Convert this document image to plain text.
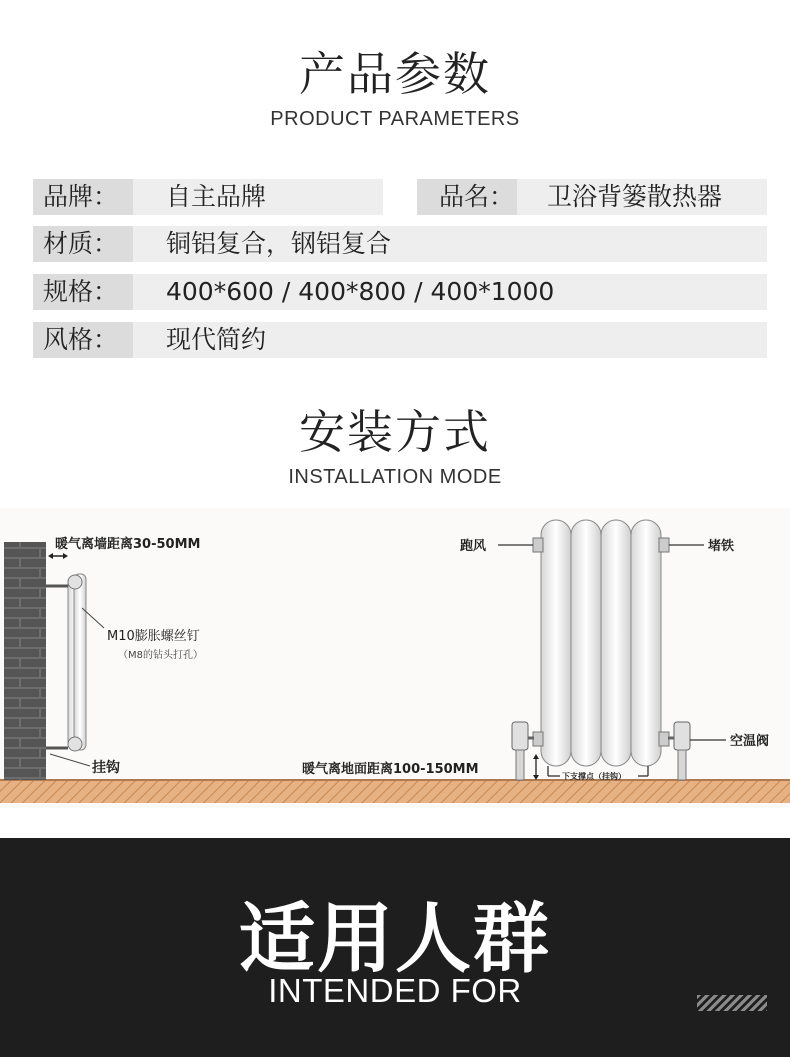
产品参数
PRODUCT PARAMETERS
品牌：	自主品牌	品名： 卫浴背篓散热器
材质：	铜铝复合，钢铝复合
规格：	400*600 / 400*800 / 400*1000
风格：	现代简约
安装方式
INSTALLATION MODE
暖气离墙距离30-50MM
M10膨胀螺丝钉
（M8的钻头打孔）
挂钩
跑风	堵铁
空温阀
暖气离地面距离100-150MM	下支撑点（挂钩）
适用人群
INTENDED FOR
